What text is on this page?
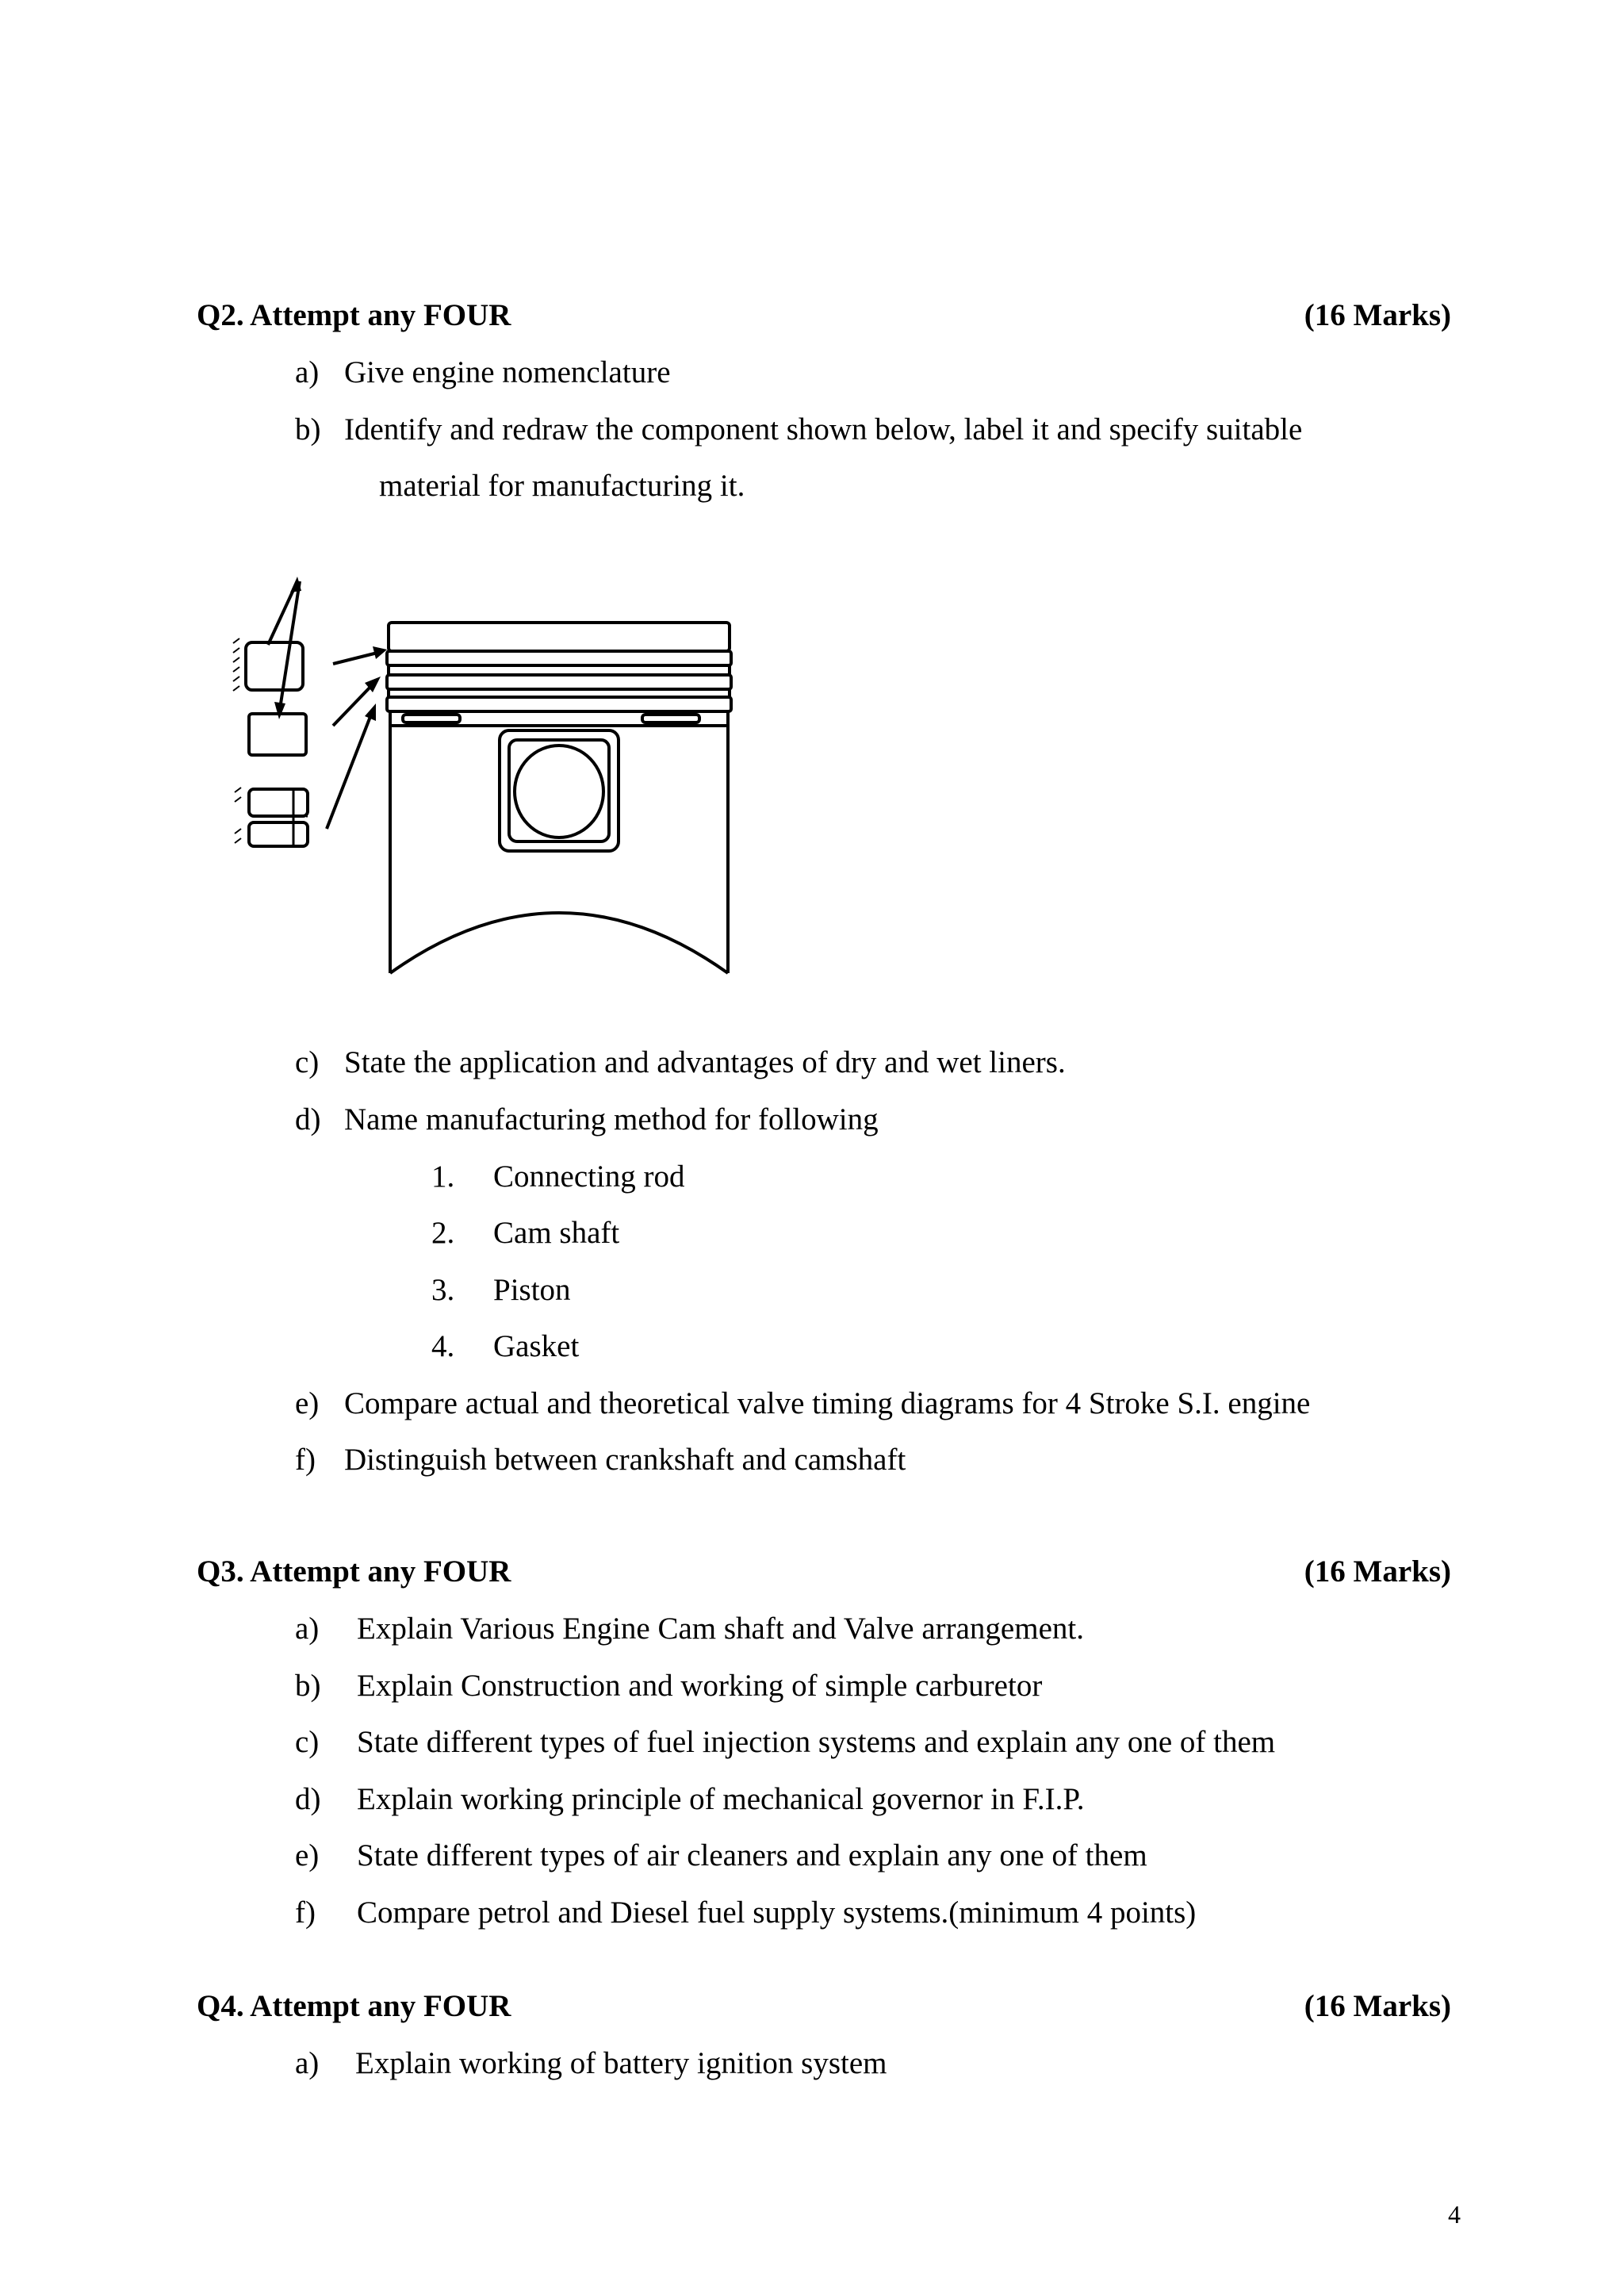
Q2. Attempt any FOUR	(16 Marks)
a) Give engine nomenclature
b) Identify and redraw the component shown below, label it and specify suitable
material for manufacturing it.
c) State the application and advantages of dry and wet liners.
d) Name manufacturing method for following
1. Connecting rod
2. Cam shaft
3. Piston
4. Gasket
e) Compare actual and theoretical valve timing diagrams for 4 Stroke S.I. engine
f) Distinguish between crankshaft and camshaft
Q3. Attempt any FOUR	(16 Marks)
a) Explain Various Engine Cam shaft and Valve arrangement.
b) Explain Construction and working of simple carburetor
c) State different types of fuel injection systems and explain any one of them
d) Explain working principle of mechanical governor in F.I.P.
e) State different types of air cleaners and explain any one of them
f) Compare petrol and Diesel fuel supply systems.(minimum 4 points)
Q4. Attempt any FOUR	(16 Marks)
a) Explain working of battery ignition system
4
